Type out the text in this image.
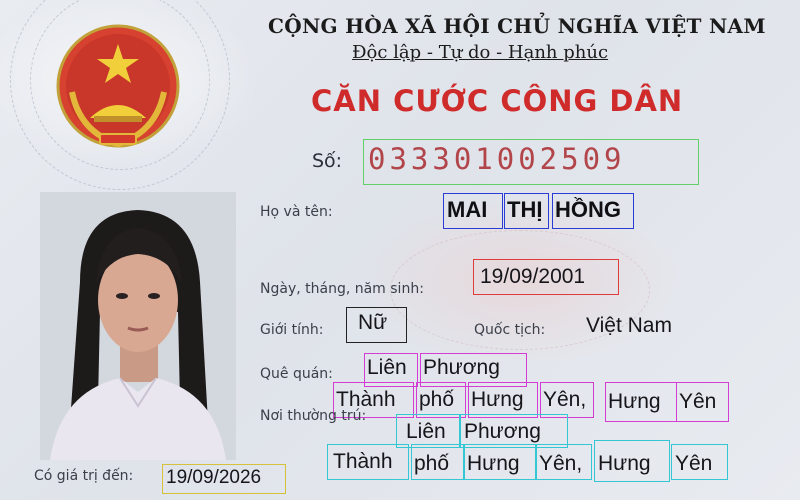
CỘNG HÒA XÃ HỘI CHỦ NGHĨA VIỆT NAM
Độc lập - Tự do - Hạnh phúc
CĂN CƯỚC CÔNG DÂN
Số: 033301002509
Họ và tên:	MAI THỊ HỒNG
Ngày, tháng, năm sinh:
19/09/2001
Giới tính: Nữ	Quốc tịch: Việt Nam
Quê quán: Liên Phương
Thành phố Hưng Yên, Hưng Yên
Nơi thường trú:
Liên Phương
Thành phố Hưng Yên, Hưng Yên
Có giá trị đến: 19/09/2026
